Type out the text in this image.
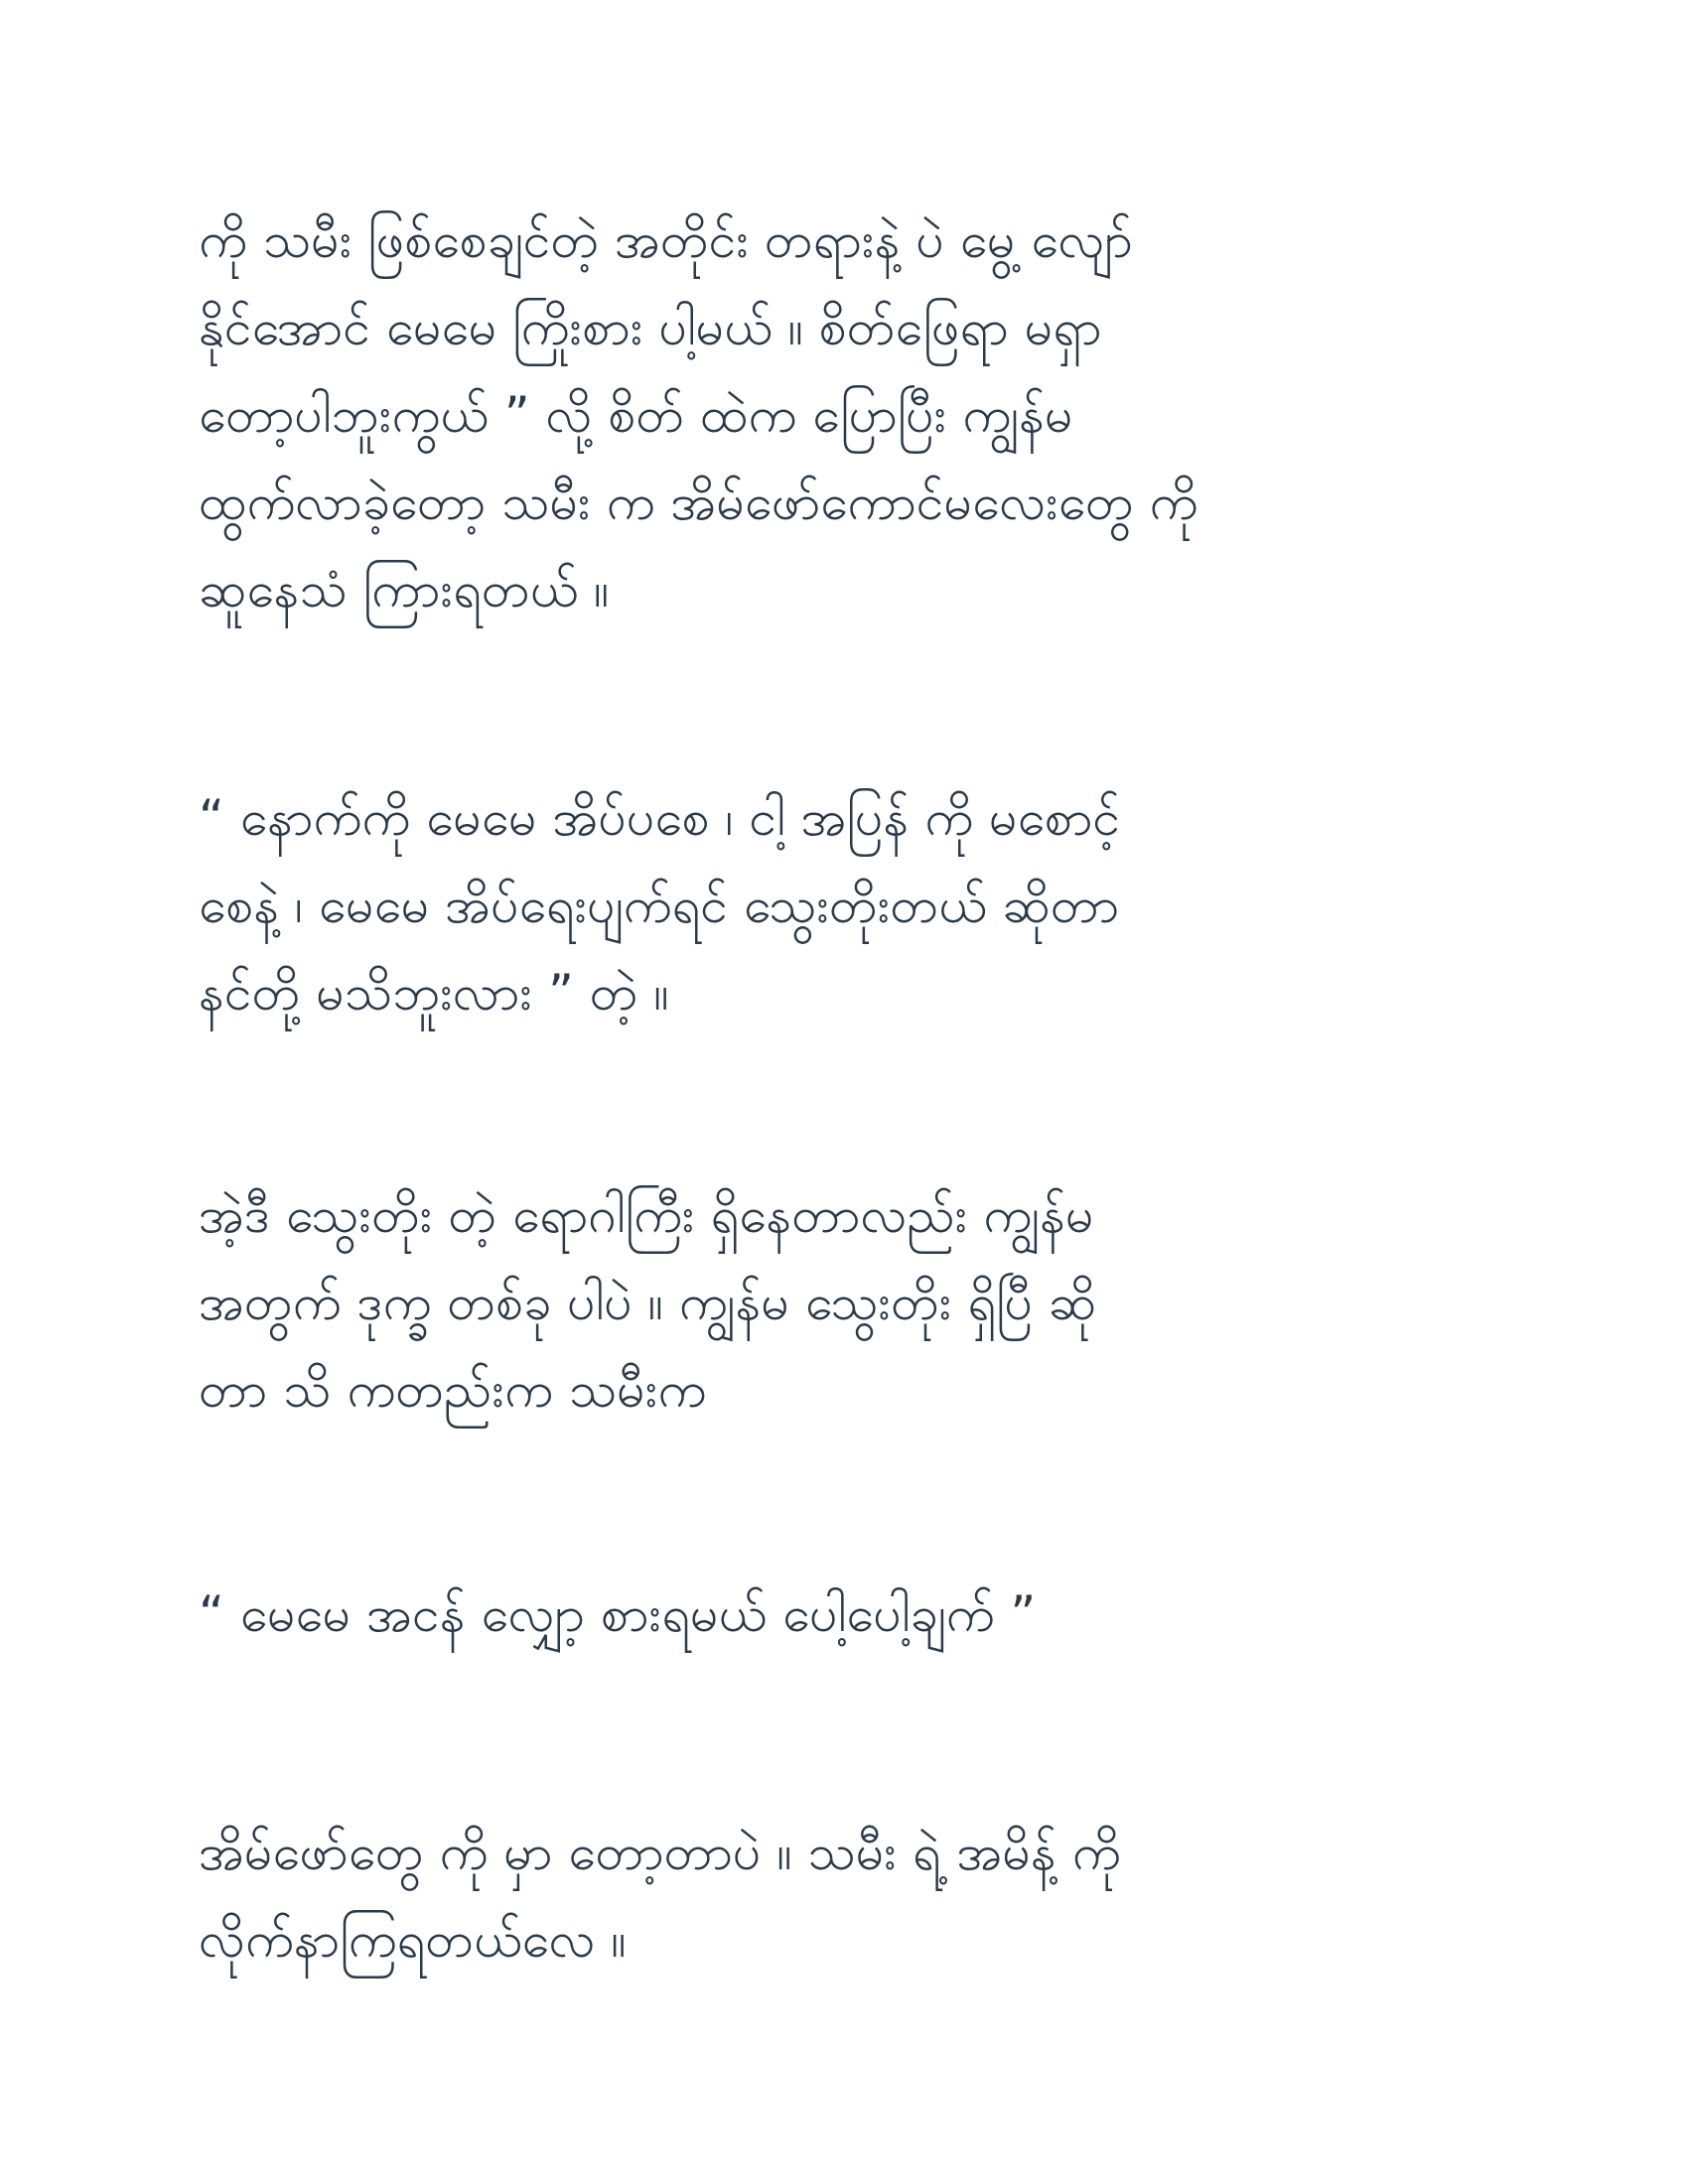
ကို သမီး ဖြစ်စေချင်တဲ့ အတိုင်း တရားနဲ့ ပဲ မွေ့ လျော်
နိုင်အောင် မေမေ ကြိုးစား ပါ့မယ် ။ စိတ်ဖြေရာ မရှာ
တော့ပါဘူးကွယ် ” လို့ စိတ် ထဲက ပြောပြီး ကျွန်မ
ထွက်လာခဲ့တော့ သမီး က အိမ်ဖော်ကောင်မလေးတွေ ကို
ဆူနေသံ ကြားရတယ် ။
“ နောက်ကို မေမေ အိပ်ပစေ ၊ ငါ့ အပြန် ကို မစောင့်
စေနဲ့ ၊ မေမေ အိပ်ရေးပျက်ရင် သွေးတိုးတယ် ဆိုတာ
နင်တို့ မသိဘူးလား ” တဲ့ ။
အဲ့ဒီ သွေးတိုး တဲ့ ရောဂါကြီး ရှိနေတာလည်း ကျွန်မ
အတွက် ဒုက္ခ တစ်ခု ပါပဲ ။ ကျွန်မ သွေးတိုး ရှိပြီ ဆို
တာ သိ ကတည်းက သမီးက
“ မေမေ အငန် လျှော့ စားရမယ် ပေါ့ပေါ့ချက် ”
အိမ်ဖော်တွေ ကို မှာ တော့တာပဲ ။ သမီး ရဲ့ အမိန့် ကို
လိုက်နာကြရတယ်လေ ။
